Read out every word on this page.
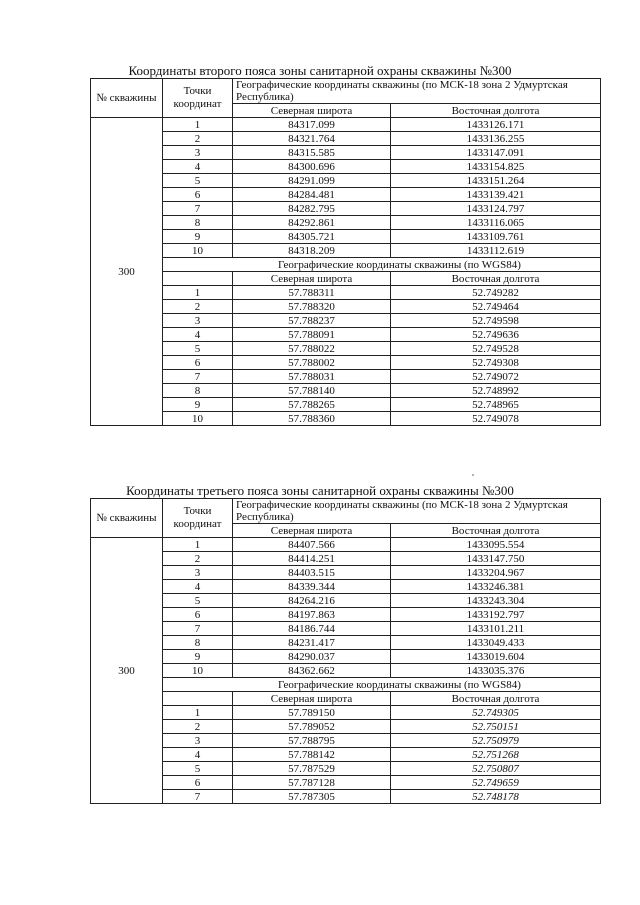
Координаты второго пояса зоны санитарной охраны скважины №300
№ скважины	Точки координат	Географические координаты скважины (по МСК-18 зона 2 Удмуртская Республика)	
		Северная широта	Восточная долгота
300	1	84317.099	1433126.171
	2	84321.764	1433136.255
	3	84315.585	1433147.091
	4	84300.696	1433154.825
	5	84291.099	1433151.264
	6	84284.481	1433139.421
	7	84282.795	1433124.797
	8	84292.861	1433116.065
	9	84305.721	1433109.761
	10	84318.209	1433112.619
	Географические координаты скважины (по WGS84)		
		Северная широта	Восточная долгота
	1	57.788311	52.749282
	2	57.788320	52.749464
	3	57.788237	52.749598
	4	57.788091	52.749636
	5	57.788022	52.749528
	6	57.788002	52.749308
	7	57.788031	52.749072
	8	57.788140	52.748992
	9	57.788265	52.748965
	10	57.788360	52.749078
Координаты третьего пояса зоны санитарной охраны скважины №300
№ скважины	Точки координат	Географические координаты скважины (по МСК-18 зона 2 Удмуртская Республика)	
		Северная широта	Восточная долгота
300	1	84407.566	1433095.554
	2	84414.251	1433147.750
	3	84403.515	1433204.967
	4	84339.344	1433246.381
	5	84264.216	1433243.304
	6	84197.863	1433192.797
	7	84186.744	1433101.211
	8	84231.417	1433049.433
	9	84290.037	1433019.604
	10	84362.662	1433035.376
	Географические координаты скважины (по WGS84)		
		Северная широта	Восточная долгота
	1	57.789150	52.749305
	2	57.789052	52.750151
	3	57.788795	52.750979
	4	57.788142	52.751268
	5	57.787529	52.750807
	6	57.787128	52.749659
	7	57.787305	52.748178
